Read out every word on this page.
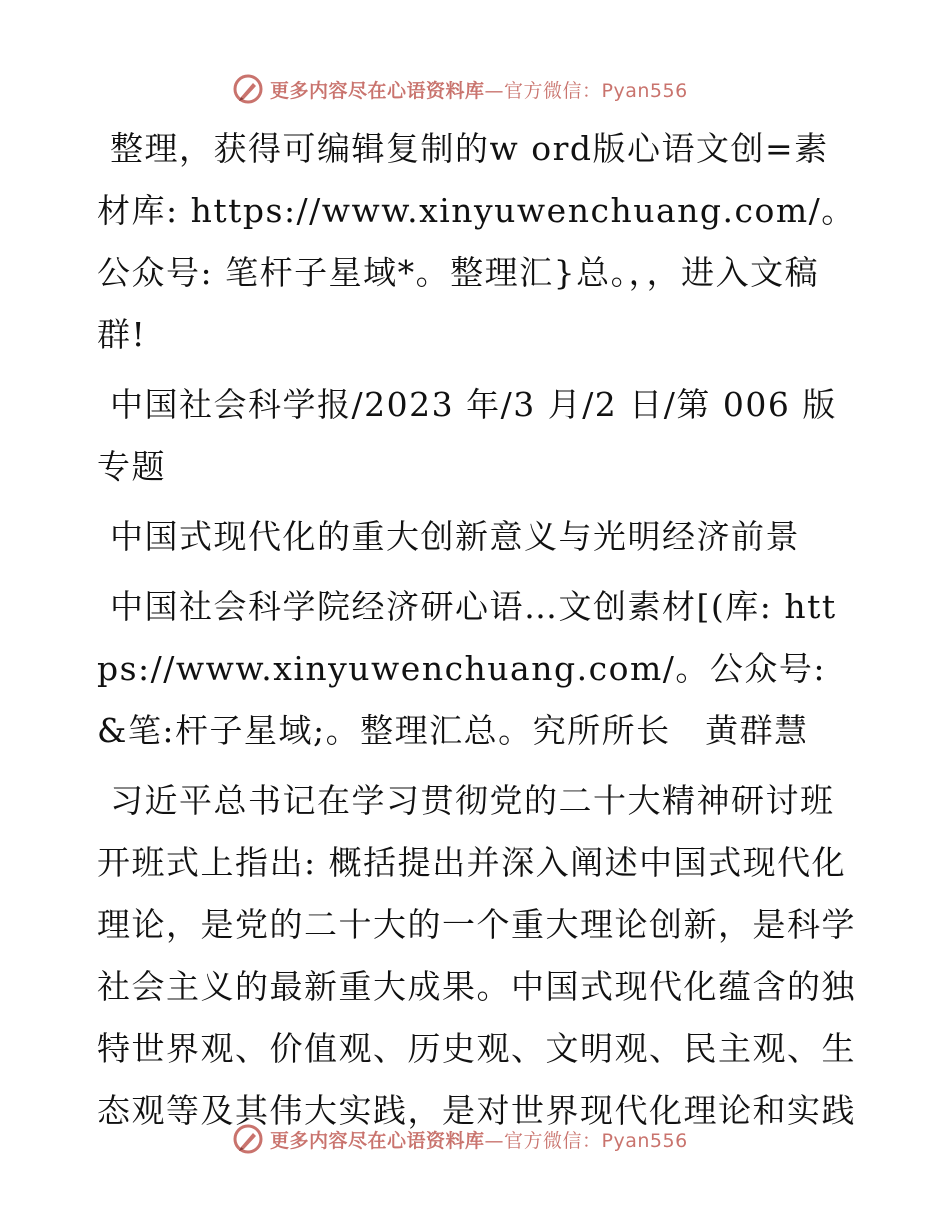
更多内容尽在心语资料库—官方微信：Pyan556

整理，获得可编辑复制的w ord版心语文创=素材库: https://www.xinyuwenchuang.com/。公众号: 笔杆子星域*。整理汇}总。，，进入文稿群!

中国社会科学报/2023 年/3 月/2 日/第 006 版专题

中国式现代化的重大创新意义与光明经济前景

中国社会科学院经济研心语…文创素材[(库: https://www.xinyuwenchuang.com/。公众号: &笔:杆子星域;。整理汇总。究所所长　黄群慧

习近平总书记在学习贯彻党的二十大精神研讨班开班式上指出: 概括提出并深入阐述中国式现代化理论，是党的二十大的一个重大理论创新，是科学社会主义的最新重大成果。中国式现代化蕴含的独特世界观、价值观、历史观、文明观、民主观、生态观等及其伟大实践，是对世界现代化理论和实践

更多内容尽在心语资料库—官方微信：Pyan556
